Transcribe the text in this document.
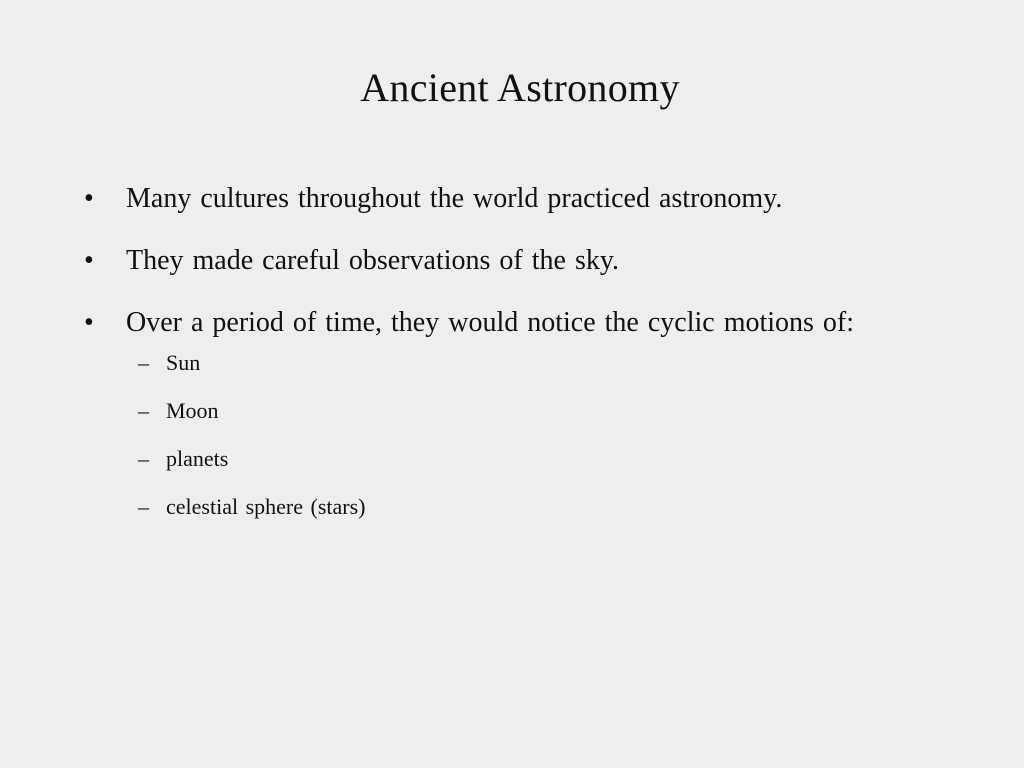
Ancient Astronomy
• Many cultures throughout the world practiced astronomy.
• They made careful observations of the sky.
• Over a period of time, they would notice the cyclic motions of:
– Sun
– Moon
– planets
– celestial sphere (stars)
